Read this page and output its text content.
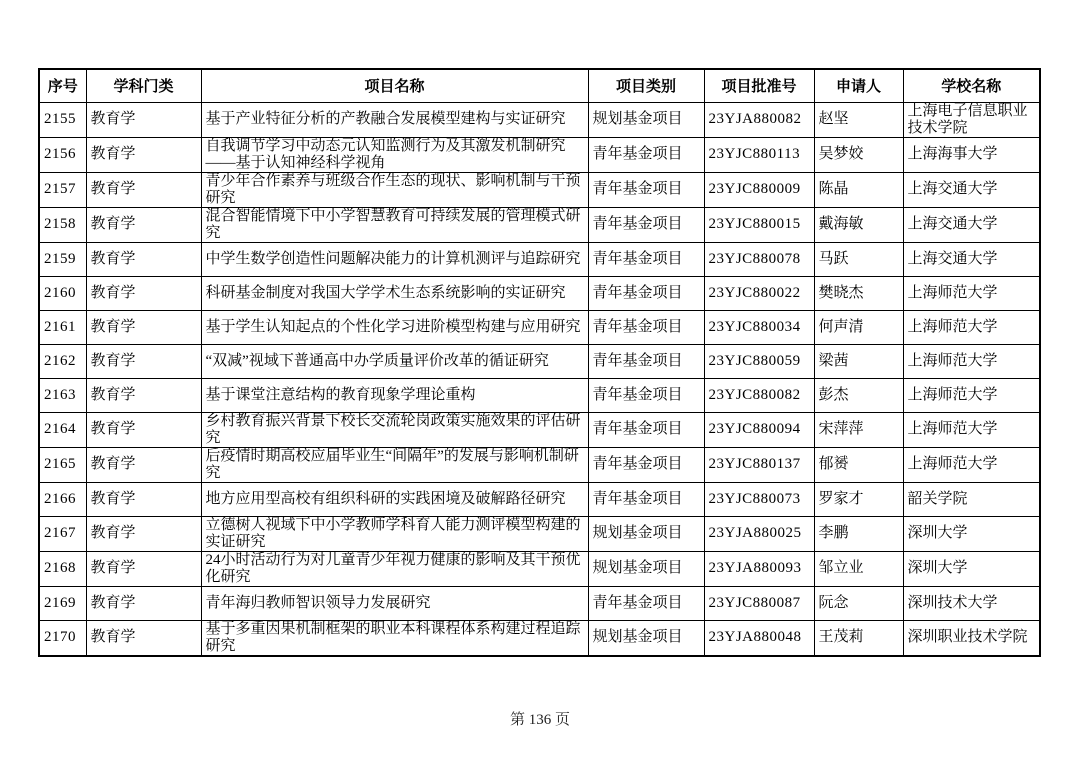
序号	学科门类	项目名称	项目类别	项目批准号	申请人	学校名称
2155	教育学	基于产业特征分析的产教融合发展模型建构与实证研究	规划基金项目	23YJA880082	赵坚	上海电子信息职业技术学院
2156	教育学	自我调节学习中动态元认知监测行为及其激发机制研究——基于认知神经科学视角	青年基金项目	23YJC880113	吴梦姣	上海海事大学
2157	教育学	青少年合作素养与班级合作生态的现状、影响机制与干预研究	青年基金项目	23YJC880009	陈晶	上海交通大学
2158	教育学	混合智能情境下中小学智慧教育可持续发展的管理模式研究	青年基金项目	23YJC880015	戴海敏	上海交通大学
2159	教育学	中学生数学创造性问题解决能力的计算机测评与追踪研究	青年基金项目	23YJC880078	马跃	上海交通大学
2160	教育学	科研基金制度对我国大学学术生态系统影响的实证研究	青年基金项目	23YJC880022	樊晓杰	上海师范大学
2161	教育学	基于学生认知起点的个性化学习进阶模型构建与应用研究	青年基金项目	23YJC880034	何声清	上海师范大学
2162	教育学	“双减”视域下普通高中办学质量评价改革的循证研究	青年基金项目	23YJC880059	梁茜	上海师范大学
2163	教育学	基于课堂注意结构的教育现象学理论重构	青年基金项目	23YJC880082	彭杰	上海师范大学
2164	教育学	乡村教育振兴背景下校长交流轮岗政策实施效果的评估研究	青年基金项目	23YJC880094	宋萍萍	上海师范大学
2165	教育学	后疫情时期高校应届毕业生“间隔年”的发展与影响机制研究	青年基金项目	23YJC880137	郁赟	上海师范大学
2166	教育学	地方应用型高校有组织科研的实践困境及破解路径研究	青年基金项目	23YJC880073	罗家才	韶关学院
2167	教育学	立德树人视域下中小学教师学科育人能力测评模型构建的实证研究	规划基金项目	23YJA880025	李鹏	深圳大学
2168	教育学	24小时活动行为对儿童青少年视力健康的影响及其干预优化研究	规划基金项目	23YJA880093	邹立业	深圳大学
2169	教育学	青年海归教师智识领导力发展研究	青年基金项目	23YJC880087	阮念	深圳技术大学
2170	教育学	基于多重因果机制框架的职业本科课程体系构建过程追踪研究	规划基金项目	23YJA880048	王茂莉	深圳职业技术学院
第 136 页
